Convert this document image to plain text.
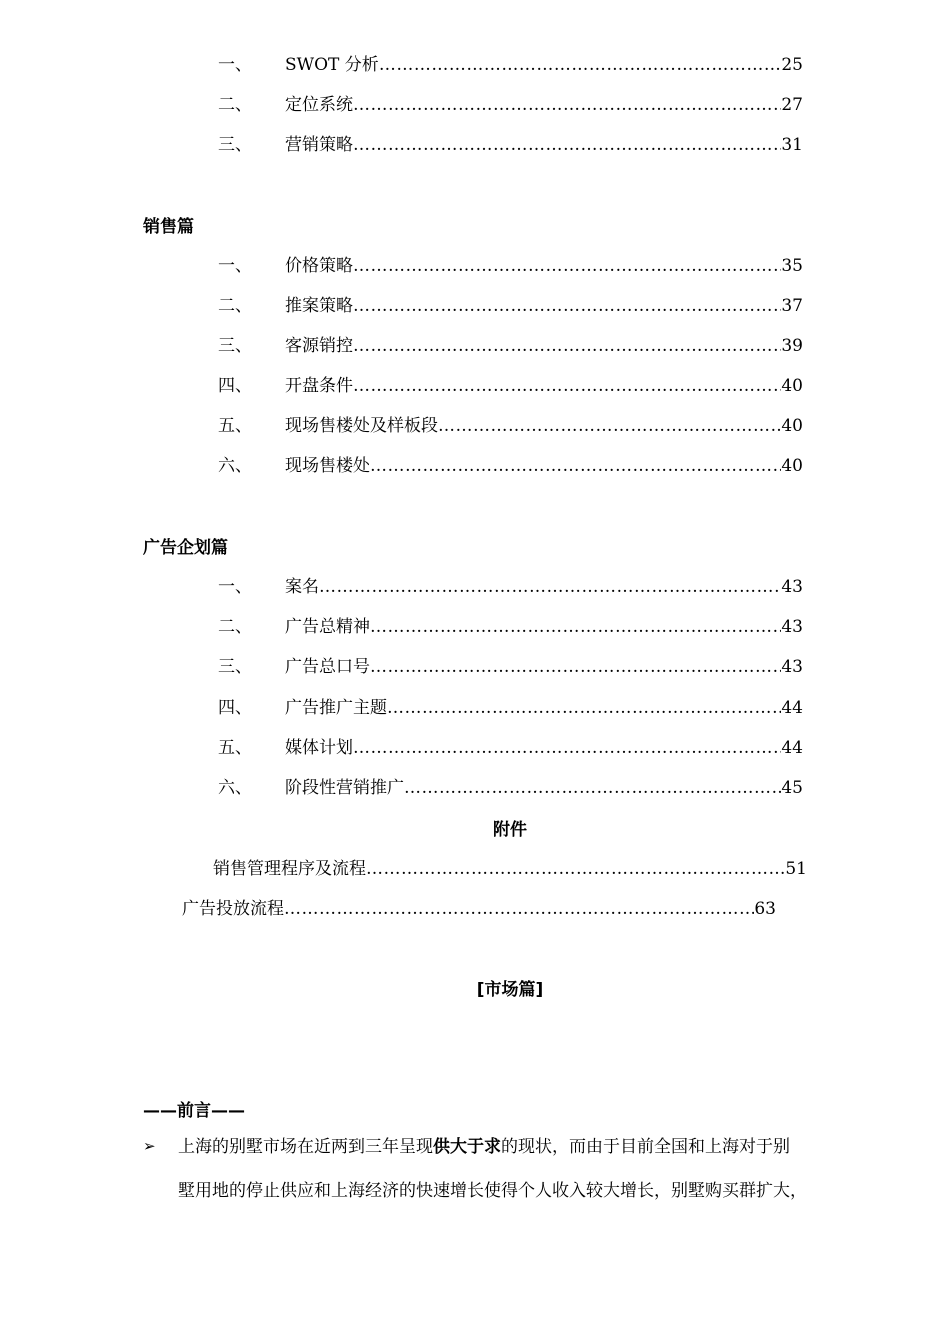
一、	SWOT 分析 ……………………………………………………………………………………………………………………………………………………………………………	25
二、	定位系统 ……………………………………………………………………………………………………………………………………………………………………………	27
三、	营销策略 ……………………………………………………………………………………………………………………………………………………………………………	31
销售篇
一、	价格策略 ……………………………………………………………………………………………………………………………………………………………………………	35
二、	推案策略 ……………………………………………………………………………………………………………………………………………………………………………	37
三、	客源销控 ……………………………………………………………………………………………………………………………………………………………………………	39
四、	开盘条件 ……………………………………………………………………………………………………………………………………………………………………………	40
五、	现场售楼处及样板段 ……………………………………………………………………………………………………………………………………………………………………………	40
六、	现场售楼处 ……………………………………………………………………………………………………………………………………………………………………………	40
广告企划篇
一、	案名 ……………………………………………………………………………………………………………………………………………………………………………	43
二、	广告总精神 ……………………………………………………………………………………………………………………………………………………………………………	43
三、	广告总口号 ……………………………………………………………………………………………………………………………………………………………………………	43
四、	广告推广主题 ……………………………………………………………………………………………………………………………………………………………………………	44
五、	媒体计划 ……………………………………………………………………………………………………………………………………………………………………………	44
六、	阶段性营销推广 ……………………………………………………………………………………………………………………………………………………………………………	45
附件
销售管理程序及流程 ……………………………………………………………………………………………………………………………………………………………………………	51
广告投放流程 ……………………………………………………………………………………………………………………………………………………………………………	63
[市场篇]
——前言——
➢ 上海的别墅市场在近两到三年呈现供大于求的现状，而由于目前全国和上海对于别
墅用地的停止供应和上海经济的快速增长使得个人收入较大增长，别墅购买群扩大，
